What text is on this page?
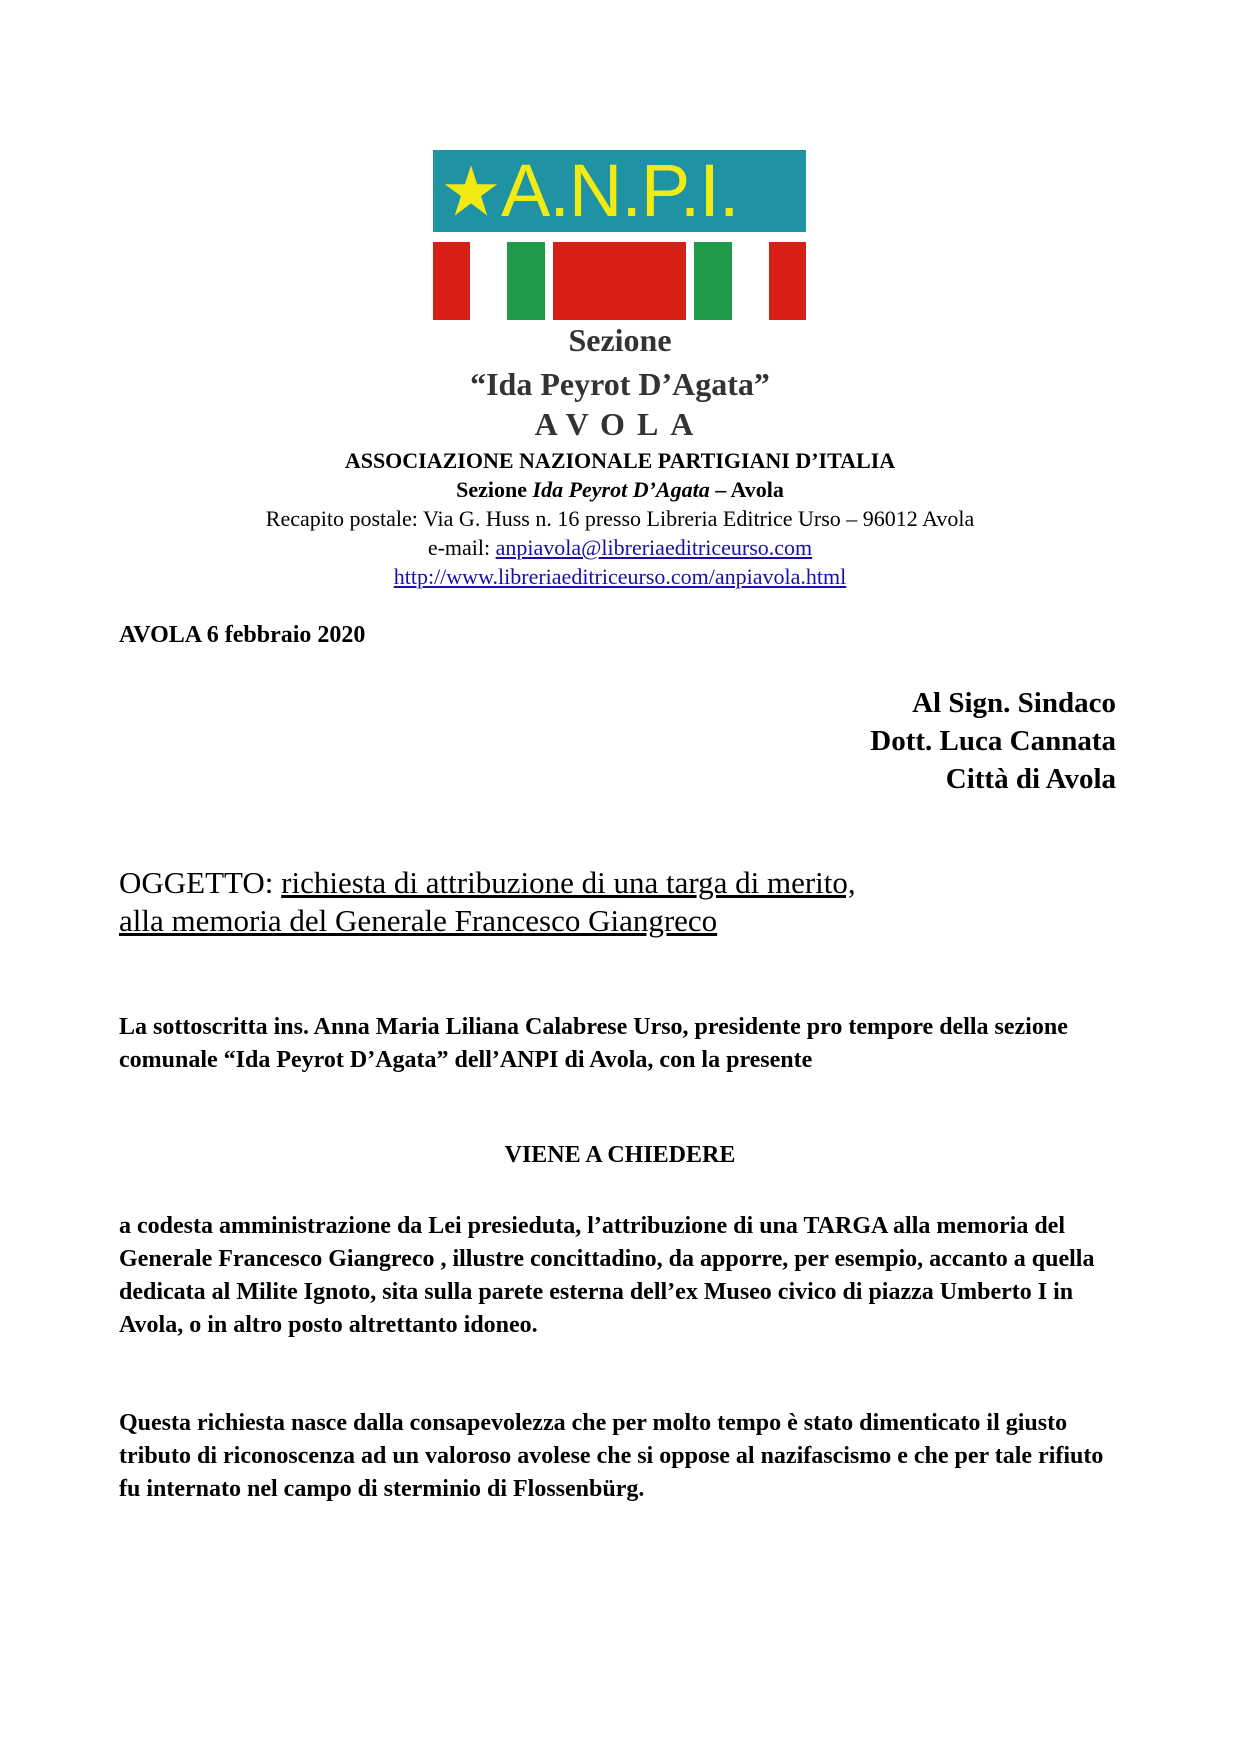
A.N.P.I.
Sezione
“Ida Peyrot D’Agata”
AVOLA
ASSOCIAZIONE NAZIONALE PARTIGIANI D’ITALIA
Sezione Ida Peyrot D’Agata – Avola
Recapito postale: Via G. Huss n. 16 presso Libreria Editrice Urso – 96012 Avola
e-mail: anpiavola@libreriaeditriceurso.com
http://www.libreriaeditriceurso.com/anpiavola.html
AVOLA 6 febbraio 2020
Al Sign. Sindaco
Dott. Luca Cannata
Città di Avola
OGGETTO: richiesta di attribuzione di una targa di merito,
alla memoria del Generale Francesco Giangreco
La sottoscritta ins. Anna Maria Liliana Calabrese Urso, presidente pro tempore della sezione comunale “Ida Peyrot D’Agata” dell’ANPI di Avola, con la presente
VIENE A CHIEDERE
a codesta amministrazione da Lei presieduta, l’attribuzione di una TARGA alla memoria del Generale Francesco Giangreco , illustre concittadino, da apporre, per esempio, accanto a quella dedicata al Milite Ignoto, sita sulla parete esterna dell’ex Museo civico di piazza Umberto I in Avola, o in altro posto altrettanto idoneo.
Questa richiesta nasce dalla consapevolezza che per molto tempo è stato dimenticato il giusto tributo di riconoscenza ad un valoroso avolese che si oppose al nazifascismo e che per tale rifiuto fu internato nel campo di sterminio di Flossenbürg.
